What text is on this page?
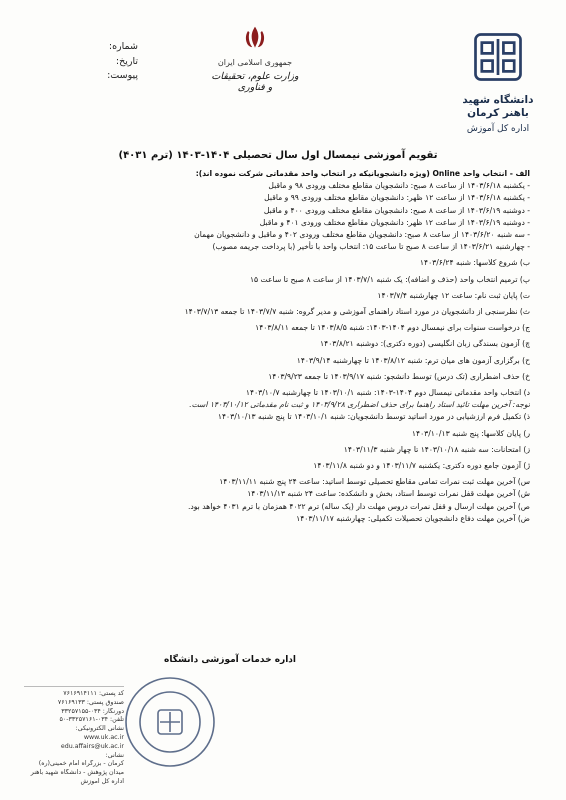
شماره:
تاریخ:
پیوست:
جمهوری اسلامی ایران
وزارت علوم، تحقیقات و فناوری
دانشگاه شهید باهنر کرمان
اداره کل آموزش
تقویم آموزشی نیمسال اول سال تحصیلی ۱۴۰۴-۱۴۰۳ (ترم ۴۰۳۱)
الف - انتخاب واحد Online (ویژه دانشجویانیکه در انتخاب واحد مقدماتی شرکت نموده اند):
- یکشنبه ۱۴۰۳/۶/۱۸ از ساعت ۸ صبح: دانشجویان مقاطع مختلف ورودی ۹۸ و ماقبل
- یکشنبه ۱۴۰۳/۶/۱۸ از ساعت ۱۲ ظهر: دانشجویان مقاطع مختلف ورودی ۹۹ و ماقبل
- دوشنبه ۱۴۰۳/۶/۱۹ از ساعت ۸ صبح: دانشجویان مقاطع مختلف ورودی ۴۰۰ و ماقبل
- دوشنبه ۱۴۰۳/۶/۱۹ از ساعت ۱۲ ظهر: دانشجویان مقاطع مختلف ورودی ۴۰۱ و ماقبل
- سه شنبه ۱۴۰۳/۶/۲۰ از ساعت ۸ صبح: دانشجویان مقاطع مختلف ورودی ۴۰۲ و ماقبل و دانشجویان مهمان
- چهارشنبه ۱۴۰۳/۶/۲۱ از ساعت ۸ صبح تا ساعت ۱۵: انتخاب واحد با تأخیر (با پرداخت جریمه مصوب)
ب) شروع کلاسها: شنبه ۱۴۰۳/۶/۲۴
پ) ترمیم انتخاب واحد (حذف و اضافه): یک شنبه ۱۴۰۳/۷/۱ از ساعت ۸ صبح تا ساعت ۱۵
ت) پایان ثبت نام: ساعت ۱۲ چهارشنبه ۱۴۰۳/۷/۴
ث) نظرسنجی از دانشجویان در مورد استاد راهنمای آموزشی و مدیر گروه: شنبه ۱۴۰۳/۷/۷ تا جمعه ۱۴۰۳/۷/۱۳
ج) درخواست سنوات برای نیمسال دوم ۱۴۰۴-۱۴۰۳: شنبه ۱۴۰۳/۸/۵ تا جمعه ۱۴۰۳/۸/۱۱
چ) آزمون بسندگی زبان انگلیسی (دوره دکتری): دوشنبه ۱۴۰۳/۸/۲۱
ح) برگزاری آزمون های میان ترم: شنبه ۱۴۰۳/۸/۱۲ تا چهارشنبه ۱۴۰۳/۹/۱۴
خ) حذف اضطراری (تک درس) توسط دانشجو: شنبه ۱۴۰۳/۹/۱۷ تا جمعه ۱۴۰۳/۹/۲۳
د) انتخاب واحد مقدماتی نیمسال دوم ۱۴۰۴-۱۴۰۳: شنبه ۱۴۰۳/۱۰/۱ تا چهارشنبه ۱۴۰۳/۱۰/۷
توجه: آخرین مهلت تائید استاد راهنما برای حذف اضطراری ۱۴۰۳/۹/۲۸ و ثبت نام مقدماتی ۱۴۰۳/۱۰/۱۲ است.
ذ) تکمیل فرم ارزشیابی در مورد اساتید توسط دانشجویان: شنبه ۱۴۰۳/۱۰/۱ تا پنج شنبه ۱۴۰۳/۱۰/۱۳
ر) پایان کلاسها: پنج شنبه ۱۴۰۳/۱۰/۱۳
ز) امتحانات: سه شنبه ۱۴۰۳/۱۰/۱۸ تا چهار شنبه ۱۴۰۳/۱۱/۳
ژ) آزمون جامع دوره دکتری: یکشنبه ۱۴۰۳/۱۱/۷ و دو شنبه ۱۴۰۳/۱۱/۸
س) آخرین مهلت ثبت نمرات تمامی مقاطع تحصیلی توسط اساتید: ساعت ۲۴ پنج شنبه ۱۴۰۳/۱۱/۱۱
ش) آخرین مهلت قفل نمرات توسط استاد، بخش و دانشکده: ساعت ۲۴ شنبه ۱۴۰۳/۱۱/۱۳
ص) آخرین مهلت ارسال و قفل نمرات دروس مهلت دار (یک ساله) ترم ۴۰۲۲ همزمان با ترم ۴۰۳۱ خواهد بود.
ض) آخرین مهلت دفاع دانشجویان تحصیلات تکمیلی: چهارشنبه ۱۴۰۳/۱۱/۱۷
اداره خدمات آموزشی دانشگاه
کد پستی: ۷۶۱۶۹۱۴۱۱۱
صندوق پستی: ۷۶۱۶۹۱۳۳
دورنگار: ۰۳۴-۳۳۲۵۷۱۵۵
تلفن: ۰۳۴-۳۳۲۵۷۱۶۱-۵۰
نشانی الکترونیکی:
www.uk.ac.ir
edu.affairs@uk.ac.ir
نشانی:
کرمان - بزرگراه امام خمینی(ره)
میدان پژوهش - دانشگاه شهید باهنر
اداره کل آموزش
